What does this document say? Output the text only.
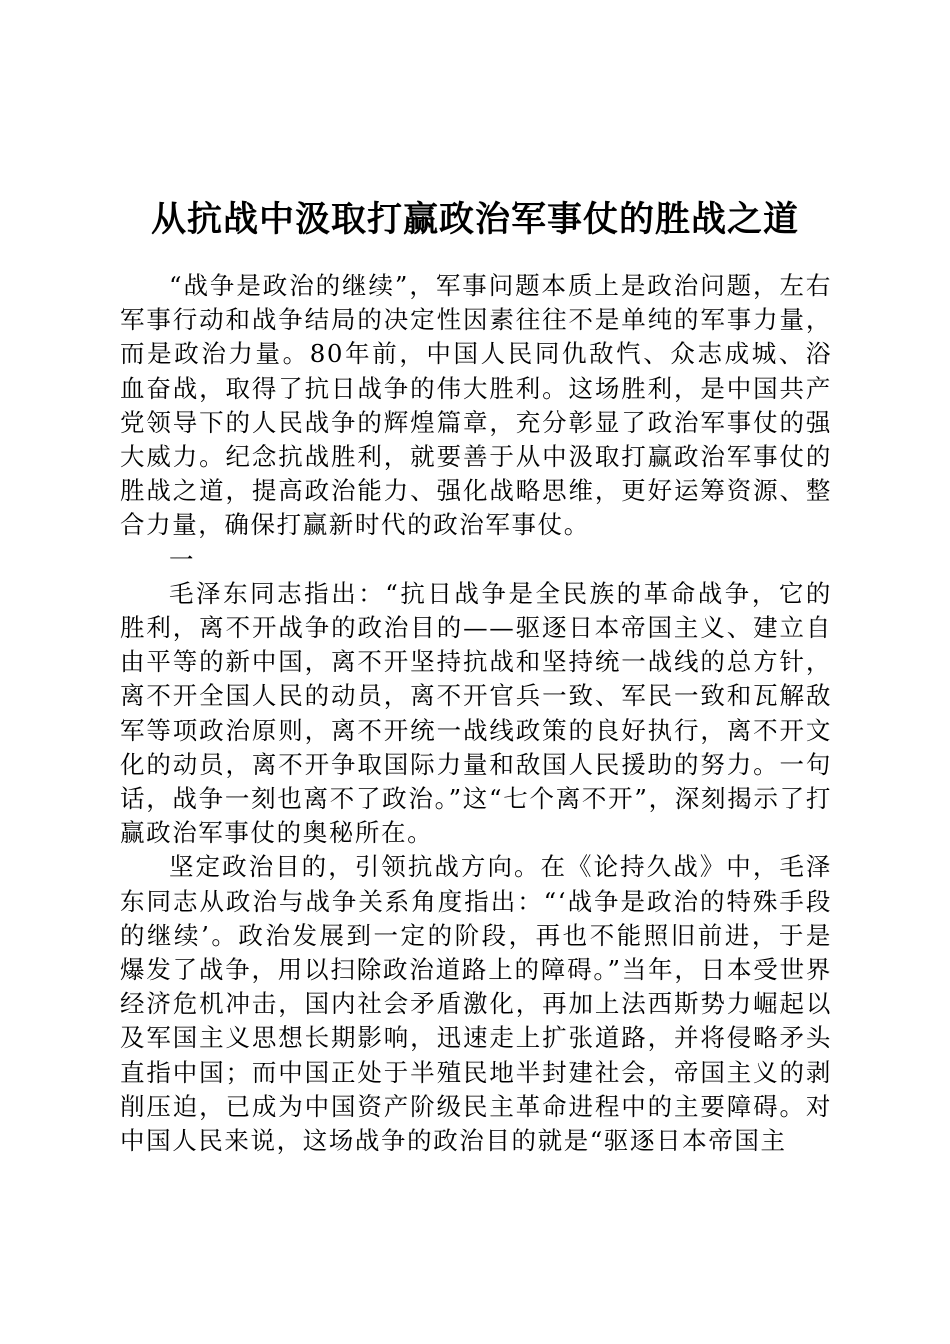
从抗战中汲取打赢政治军事仗的胜战之道

“战争是政治的继续”，军事问题本质上是政治问题，左右军事行动和战争结局的决定性因素往往不是单纯的军事力量，而是政治力量。80年前，中国人民同仇敌忾、众志成城、浴血奋战，取得了抗日战争的伟大胜利。这场胜利，是中国共产党领导下的人民战争的辉煌篇章，充分彰显了政治军事仗的强大威力。纪念抗战胜利，就要善于从中汲取打赢政治军事仗的胜战之道，提高政治能力、强化战略思维，更好运筹资源、整合力量，确保打赢新时代的政治军事仗。

一

毛泽东同志指出：“抗日战争是全民族的革命战争，它的胜利，离不开战争的政治目的——驱逐日本帝国主义、建立自由平等的新中国，离不开坚持抗战和坚持统一战线的总方针，离不开全国人民的动员，离不开官兵一致、军民一致和瓦解敌军等项政治原则，离不开统一战线政策的良好执行，离不开文化的动员，离不开争取国际力量和敌国人民援助的努力。一句话，战争一刻也离不了政治。”这“七个离不开”，深刻揭示了打赢政治军事仗的奥秘所在。

坚定政治目的，引领抗战方向。在《论持久战》中，毛泽东同志从政治与战争关系角度指出：“‘战争是政治的特殊手段的继续’。政治发展到一定的阶段，再也不能照旧前进，于是爆发了战争，用以扫除政治道路上的障碍。”当年，日本受世界经济危机冲击，国内社会矛盾激化，再加上法西斯势力崛起以及军国主义思想长期影响，迅速走上扩张道路，并将侵略矛头直指中国；而中国正处于半殖民地半封建社会，帝国主义的剥削压迫，已成为中国资产阶级民主革命进程中的主要障碍。对中国人民来说，这场战争的政治目的就是“驱逐日本帝国主
